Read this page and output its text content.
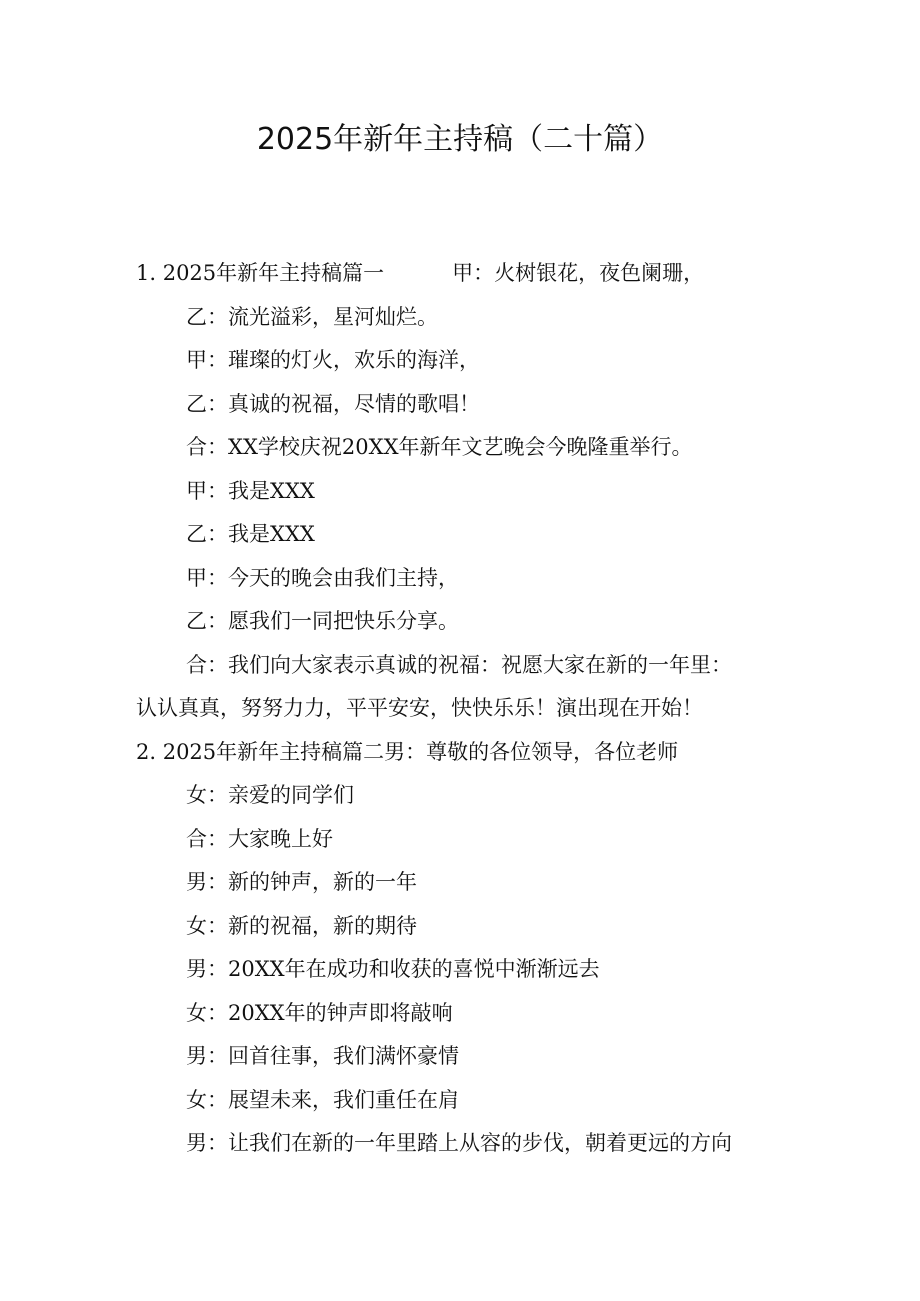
2025年新年主持稿（二十篇）
1. 2025年新年主持稿篇一	甲：火树银花，夜色阑珊，
乙：流光溢彩，星河灿烂。
甲：璀璨的灯火，欢乐的海洋，
乙：真诚的祝福，尽情的歌唱！
合：XX学校庆祝20XX年新年文艺晚会今晚隆重举行。
甲：我是XXX
乙：我是XXX
甲：今天的晚会由我们主持，
乙：愿我们一同把快乐分享。
合：我们向大家表示真诚的祝福：祝愿大家在新的一年里：
认认真真，努努力力，平平安安，快快乐乐！演出现在开始！
2. 2025年新年主持稿篇二男：尊敬的各位领导，各位老师
女：亲爱的同学们
合：大家晚上好
男：新的钟声，新的一年
女：新的祝福，新的期待
男：20XX年在成功和收获的喜悦中渐渐远去
女：20XX年的钟声即将敲响
男：回首往事，我们满怀豪情
女：展望未来，我们重任在肩
男：让我们在新的一年里踏上从容的步伐，朝着更远的方向
